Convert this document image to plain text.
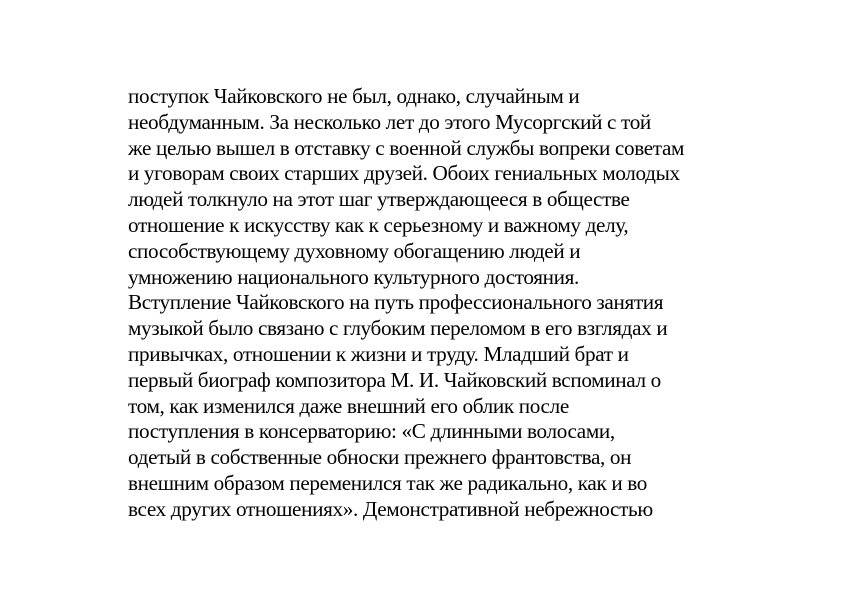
поступок Чайковского не был, однако, случайным и
необдуманным. За несколько лет до этого Мусоргский с той
же целью вышел в отставку с военной службы вопреки советам
и уговорам своих старших друзей. Обоих гениальных молодых
людей толкнуло на этот шаг утверждающееся в обществе
отношение к искусству как к серьезному и важному делу,
способствующему духовному обогащению людей и
умножению национального культурного достояния.
Вступление Чайковского на путь профессионального занятия
музыкой было связано с глубоким переломом в его взглядах и
привычках, отношении к жизни и труду. Младший брат и
первый биограф композитора М. И. Чайковский вспоминал о
том, как изменился даже внешний его облик после
поступления в консерваторию: «С длинными волосами,
одетый в собственные обноски прежнего франтовства, он
внешним образом переменился так же радикально, как и во
всех других отношениях». Демонстративной небрежностью
